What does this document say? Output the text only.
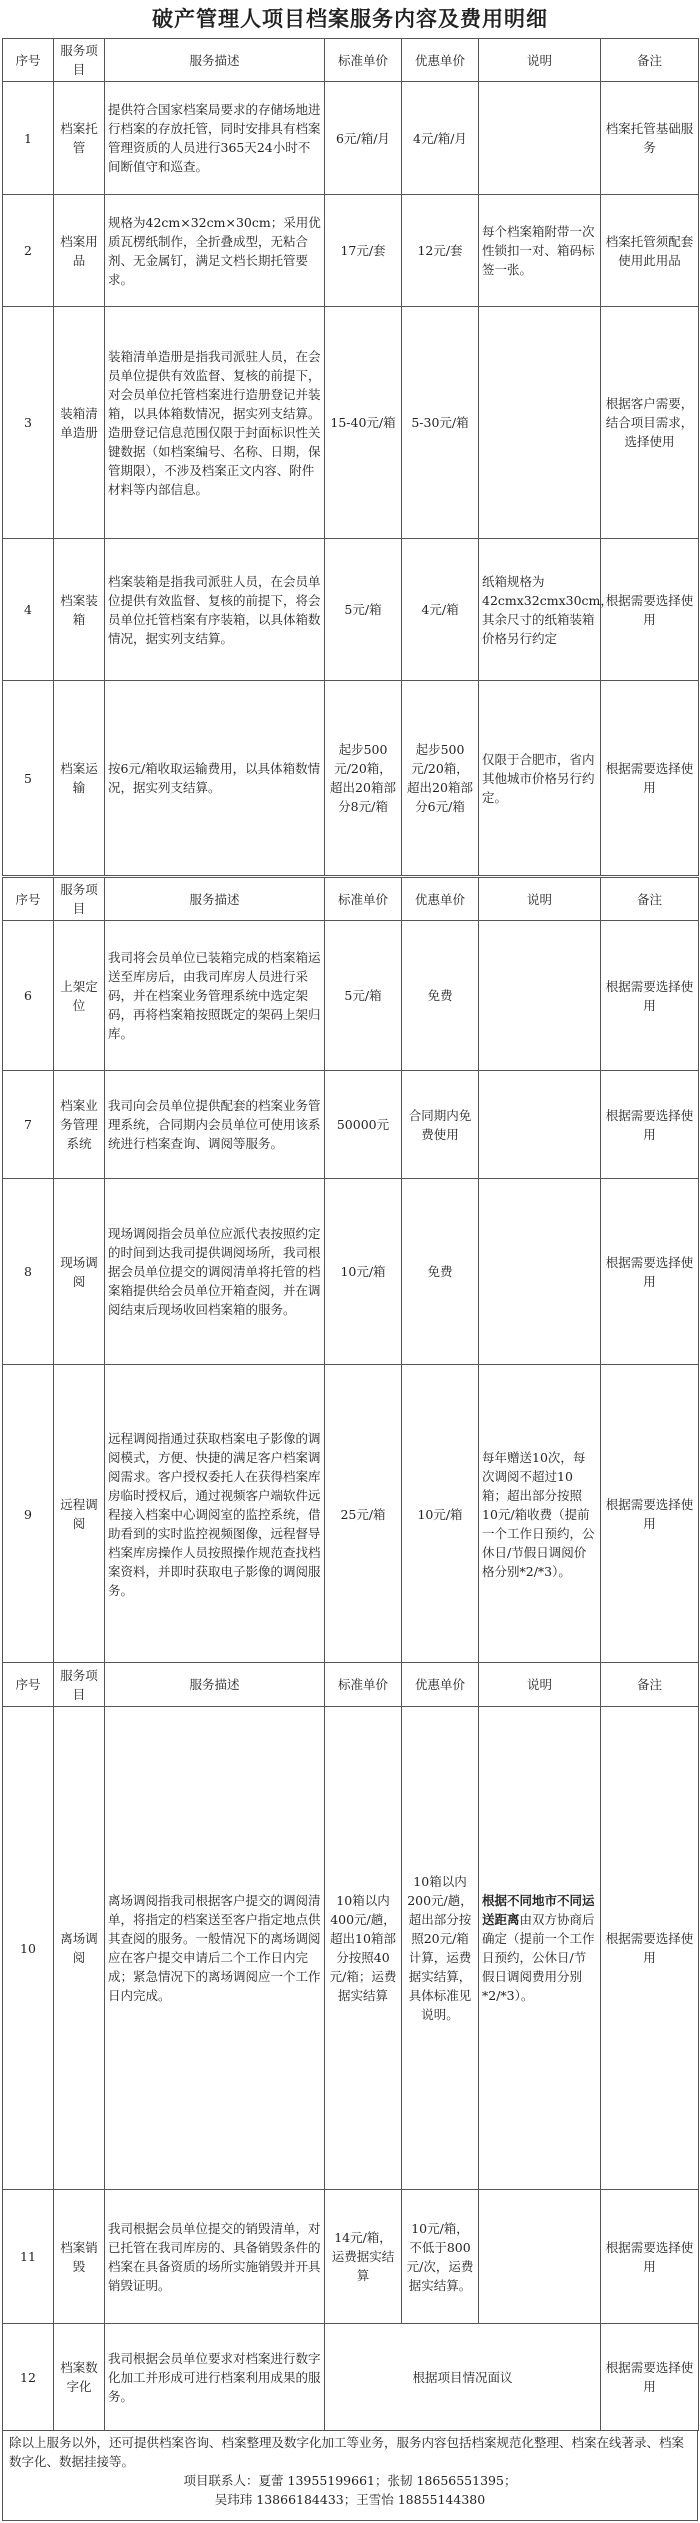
破产管理人项目档案服务内容及费用明细
序号	服务项目	服务描述	标准单价	优惠单价	说明	备注
1	档案托管	提供符合国家档案局要求的存储场地进行档案的存放托管，同时安排具有档案管理资质的人员进行365天24小时不间断值守和巡查。	6元/箱/月	4元/箱/月		档案托管基础服务
2	档案用品	规格为42cm×32cm×30cm；采用优质瓦楞纸制作，全折叠成型，无粘合剂、无金属钉，满足文档长期托管要求。	17元/套	12元/套	每个档案箱附带一次性锁扣一对、箱码标签一张。	档案托管须配套使用此用品
3	装箱清单造册	装箱清单造册是指我司派驻人员，在会员单位提供有效监督、复核的前提下，对会员单位托管档案进行造册登记并装箱，以具体箱数情况，据实列支结算。造册登记信息范围仅限于封面标识性关键数据（如档案编号、名称、日期，保管期限），不涉及档案正文内容、附件材料等内部信息。	15-40元/箱	5-30元/箱		根据客户需要，结合项目需求，选择使用
4	档案装箱	档案装箱是指我司派驻人员，在会员单位提供有效监督、复核的前提下，将会员单位托管档案有序装箱，以具体箱数情况，据实列支结算。	5元/箱	4元/箱	纸箱规格为42cmx32cmx30cm，其余尺寸的纸箱装箱价格另行约定	根据需要选择使用
5	档案运输	按6元/箱收取运输费用，以具体箱数情况，据实列支结算。	起步500元/20箱，超出20箱部分8元/箱	起步500元/20箱，超出20箱部分6元/箱	仅限于合肥市，省内其他城市价格另行约定。	根据需要选择使用
序号	服务项目	服务描述	标准单价	优惠单价	说明	备注
6	上架定位	我司将会员单位已装箱完成的档案箱运送至库房后，由我司库房人员进行采码，并在档案业务管理系统中选定架码，再将档案箱按照既定的架码上架归库。	5元/箱	免费		根据需要选择使用
7	档案业务管理系统	我司向会员单位提供配套的档案业务管理系统，合同期内会员单位可使用该系统进行档案查询、调阅等服务。	50000元	合同期内免费使用		根据需要选择使用
8	现场调阅	现场调阅指会员单位应派代表按照约定的时间到达我司提供调阅场所，我司根据会员单位提交的调阅清单将托管的档案箱提供给会员单位开箱查阅，并在调阅结束后现场收回档案箱的服务。	10元/箱	免费		根据需要选择使用
9	远程调阅	远程调阅指通过获取档案电子影像的调阅模式，方便、快捷的满足客户档案调阅需求。客户授权委托人在获得档案库房临时授权后，通过视频客户端软件远程接入档案中心调阅室的监控系统，借助看到的实时监控视频图像，远程督导档案库房操作人员按照操作规范查找档案资料，并即时获取电子影像的调阅服务。	25元/箱	10元/箱	每年赠送10次，每次调阅不超过10箱；超出部分按照10元/箱收费（提前一个工作日预约，公休日/节假日调阅价格分别*2/*3）。	根据需要选择使用
序号	服务项目	服务描述	标准单价	优惠单价	说明	备注
10	离场调阅	离场调阅指我司根据客户提交的调阅清单，将指定的档案送至客户指定地点供其查阅的服务。一般情况下的离场调阅应在客户提交申请后二个工作日内完成；紧急情况下的离场调阅应一个工作日内完成。	10箱以内400元/趟，超出10箱部分按照40元/箱；运费据实结算	10箱以内200元/趟，超出部分按照20元/箱计算，运费据实结算，具体标准见说明。	根据不同地市不同运送距离由双方协商后确定（提前一个工作日预约，公休日/节假日调阅费用分别*2/*3）。	根据需要选择使用
11	档案销毁	我司根据会员单位提交的销毁清单，对已托管在我司库房的、具备销毁条件的档案在具备资质的场所实施销毁并开具销毁证明。	14元/箱，运费据实结算	10元/箱，不低于800元/次，运费据实结算。		根据需要选择使用
12	档案数字化	我司根据会员单位要求对档案进行数字化加工并形成可进行档案利用成果的服务。	根据项目情况面议			根据需要选择使用
除以上服务以外，还可提供档案咨询、档案整理及数字化加工等业务，服务内容包括档案规范化整理、档案在线著录、档案数字化、数据挂接等。
项目联系人：夏蕾 13955199661；张韧 18656551395；
吴玮玮 13866184433；王雪怡 18855144380
